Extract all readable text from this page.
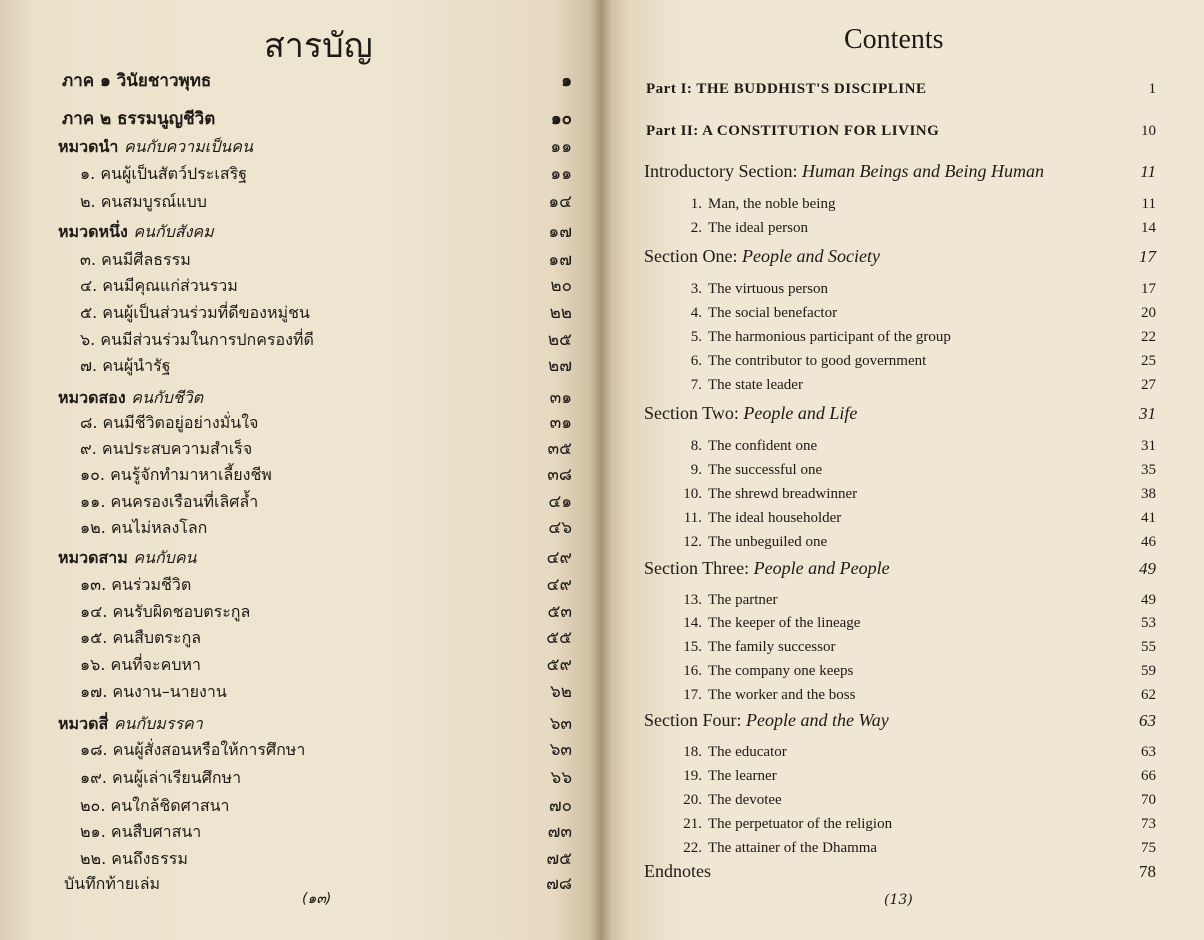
สารบัญ
ภาค ๑ วินัยชาวพุทธ	๑
ภาค ๒ ธรรมนูญชีวิต	๑๐
หมวดนำ คนกับความเป็นคน	๑๑
๑. คนผู้เป็นสัตว์ประเสริฐ	๑๑
๒. คนสมบูรณ์แบบ	๑๔
หมวดหนึ่ง คนกับสังคม	๑๗
๓. คนมีศีลธรรม	๑๗
๔. คนมีคุณแก่ส่วนรวม	๒๐
๕. คนผู้เป็นส่วนร่วมที่ดีของหมู่ชน	๒๒
๖. คนมีส่วนร่วมในการปกครองที่ดี	๒๕
๗. คนผู้นำรัฐ	๒๗
หมวดสอง คนกับชีวิต	๓๑
๘. คนมีชีวิตอยู่อย่างมั่นใจ	๓๑
๙. คนประสบความสำเร็จ	๓๕
๑๐. คนรู้จักทำมาหาเลี้ยงชีพ	๓๘
๑๑. คนครองเรือนที่เลิศล้ำ	๔๑
๑๒. คนไม่หลงโลก	๔๖
หมวดสาม คนกับคน	๔๙
๑๓. คนร่วมชีวิต	๔๙
๑๔. คนรับผิดชอบตระกูล	๕๓
๑๕. คนสืบตระกูล	๕๕
๑๖. คนที่จะคบหา	๕๙
๑๗. คนงาน–นายงาน	๖๒
หมวดสี่ คนกับมรรคา	๖๓
๑๘. คนผู้สั่งสอนหรือให้การศึกษา	๖๓
๑๙. คนผู้เล่าเรียนศึกษา	๖๖
๒๐. คนใกล้ชิดศาสนา	๗๐
๒๑. คนสืบศาสนา	๗๓
๒๒. คนถึงธรรม	๗๕
บันทึกท้ายเล่ม	๗๘
(๑๓)
Contents
Part I: THE BUDDHIST'S DISCIPLINE	1
Part II: A CONSTITUTION FOR LIVING	10
Introductory Section: Human Beings and Being Human	11
1. Man, the noble being	11
2. The ideal person	14
Section One: People and Society	17
3. The virtuous person	17
4. The social benefactor	20
5. The harmonious participant of the group	22
6. The contributor to good government	25
7. The state leader	27
Section Two: People and Life	31
8. The confident one	31
9. The successful one	35
10. The shrewd breadwinner	38
11. The ideal householder	41
12. The unbeguiled one	46
Section Three: People and People	49
13. The partner	49
14. The keeper of the lineage	53
15. The family successor	55
16. The company one keeps	59
17. The worker and the boss	62
Section Four: People and the Way	63
18. The educator	63
19. The learner	66
20. The devotee	70
21. The perpetuator of the religion	73
22. The attainer of the Dhamma	75
Endnotes	78
(13)
